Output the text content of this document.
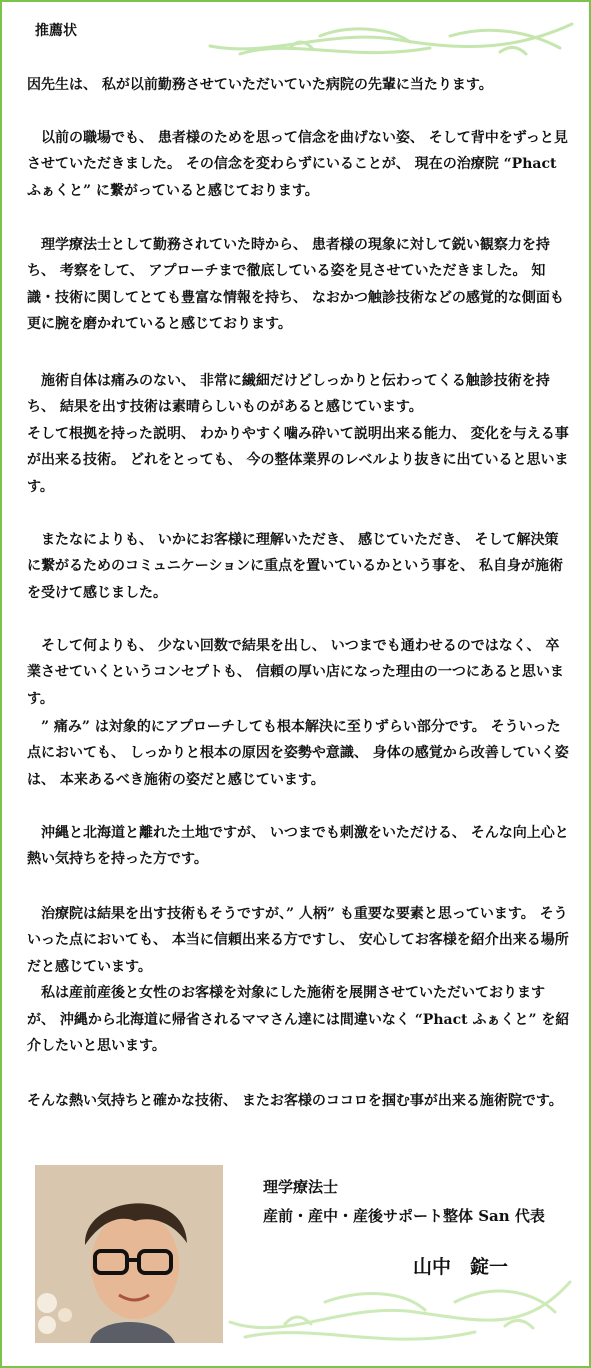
推薦状
因先生は、 私が以前勤務させていただいていた病院の先輩に当たります。
　以前の職場でも、 患者様のためを思って信念を曲げない姿、 そして背中をずっと見させていただきました。 その信念を変わらずにいることが、 現在の治療院 “Phact ふぁくと” に繋がっていると感じております。
　理学療法士として勤務されていた時から、 患者様の現象に対して鋭い観察力を持ち、 考察をして、 アプローチまで徹底している姿を見させていただきました。 知識・技術に関してとても豊富な情報を持ち、 なおかつ触診技術などの感覚的な側面も更に腕を磨かれていると感じております。
　施術自体は痛みのない、 非常に繊細だけどしっかりと伝わってくる触診技術を持ち、 結果を出す技術は素晴らしいものがあると感じています。
そして根拠を持った説明、 わかりやすく噛み砕いて説明出来る能力、 変化を与える事が出来る技術。 どれをとっても、 今の整体業界のレベルより抜きに出ていると思います。
　またなによりも、 いかにお客様に理解いただき、 感じていただき、 そして解決策に繋がるためのコミュニケーションに重点を置いているかという事を、 私自身が施術を受けて感じました。
　そして何よりも、 少ない回数で結果を出し、 いつまでも通わせるのではなく、 卒業させていくというコンセプトも、 信頼の厚い店になった理由の一つにあると思います。
　” 痛み” は対象的にアプローチしても根本解決に至りずらい部分です。 そういった点においても、 しっかりと根本の原因を姿勢や意識、 身体の感覚から改善していく姿は、 本来あるべき施術の姿だと感じています。
　沖縄と北海道と離れた土地ですが、 いつまでも刺激をいただける、 そんな向上心と熱い気持ちを持った方です。
　治療院は結果を出す技術もそうですが、” 人柄” も重要な要素と思っています。 そういった点においても、 本当に信頼出来る方ですし、 安心してお客様を紹介出来る場所だと感じています。
　私は産前産後と女性のお客様を対象にした施術を展開させていただいておりますが、 沖縄から北海道に帰省されるママさん達には間違いなく “Phact ふぁくと” を紹介したいと思います。
そんな熱い気持ちと確かな技術、 またお客様のココロを掴む事が出来る施術院です。
理学療法士
産前・産中・産後サポート整体 San 代表
山中　錠一
